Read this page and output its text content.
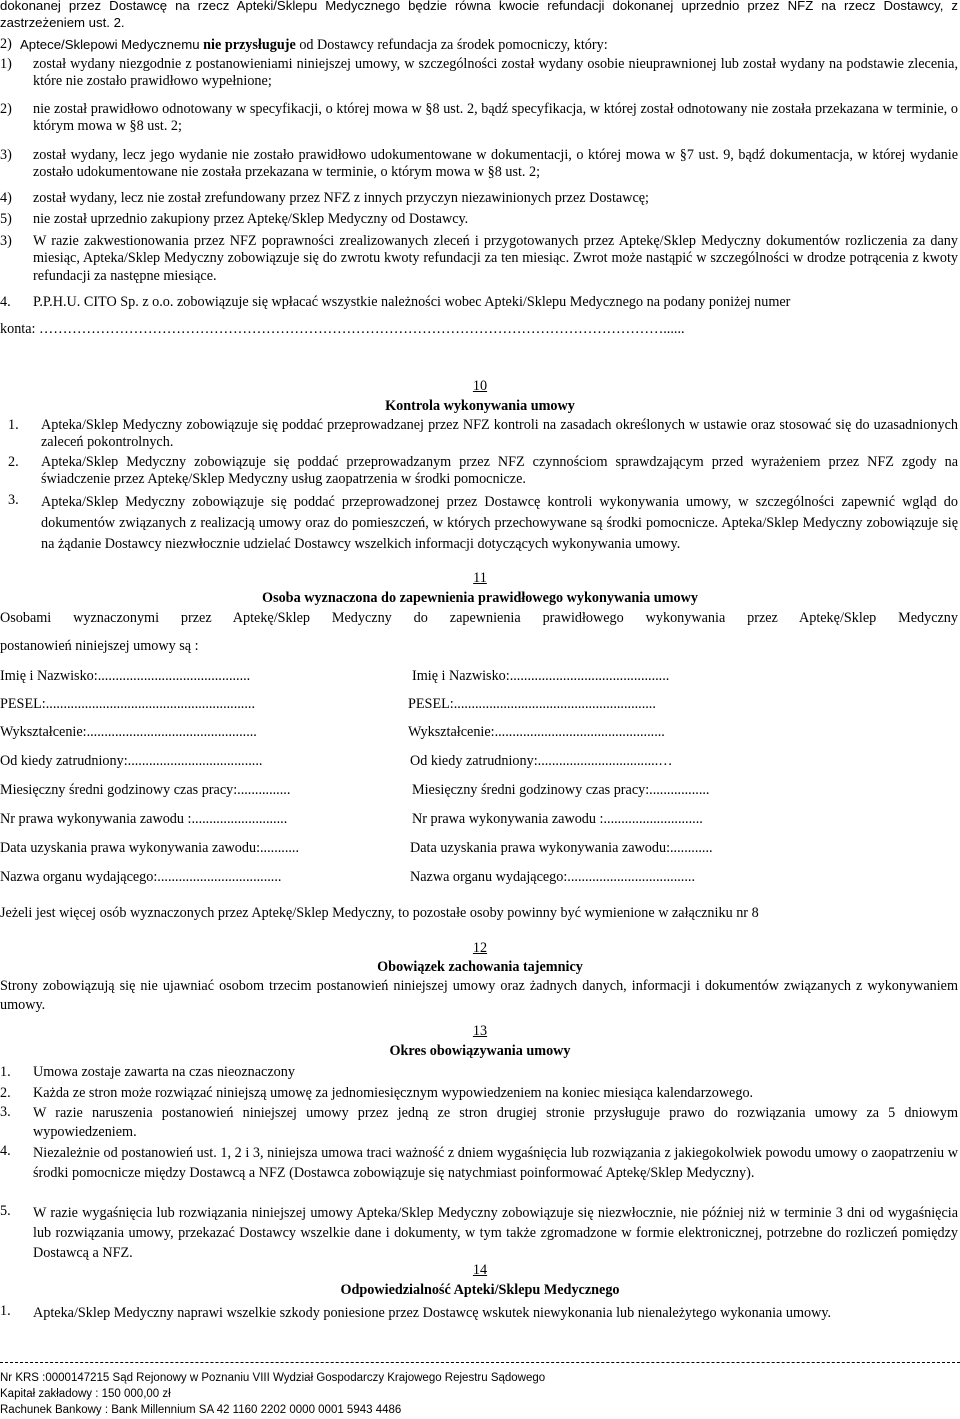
dokonanej przez Dostawcę na rzecz Apteki/Sklepu Medycznego będzie równa kwocie refundacji dokonanej uprzednio przez NFZ na rzecz Dostawcy, z zastrzeżeniem ust. 2.
2) Aptece/Sklepowi Medycznemu nie przysługuje od Dostawcy refundacja za środek pomocniczy, który:
1) został wydany niezgodnie z postanowieniami niniejszej umowy, w szczególności został wydany osobie nieuprawnionej lub został wydany na podstawie zlecenia, które nie zostało prawidłowo wypełnione;
2) nie został prawidłowo odnotowany w specyfikacji, o której mowa w §8 ust. 2, bądź specyfikacja, w której został odnotowany nie została przekazana w terminie, o którym mowa w §8 ust. 2;
3) został wydany, lecz jego wydanie nie zostało prawidłowo udokumentowane w dokumentacji, o której mowa w §7 ust. 9, bądź dokumentacja, w której wydanie zostało udokumentowane nie została przekazana w terminie, o którym mowa w §8 ust. 2;
4) został wydany, lecz nie został zrefundowany przez NFZ z innych przyczyn niezawinionych przez Dostawcę;
5) nie został uprzednio zakupiony przez Aptekę/Sklep Medyczny od Dostawcy.
3) W razie zakwestionowania przez NFZ poprawności zrealizowanych zleceń i przygotowanych przez Aptekę/Sklep Medyczny dokumentów rozliczenia za dany miesiąc, Apteka/Sklep Medyczny zobowiązuje się do zwrotu kwoty refundacji za ten miesiąc. Zwrot może nastąpić w szczególności w drodze potrącenia z kwoty refundacji za następne miesiące.
4. P.P.H.U. CITO Sp. z o.o. zobowiązuje się wpłacać wszystkie należności wobec Apteki/Sklepu Medycznego na podany poniżej numer
konta: ……………………………………………………………………………………………………………………......
10
Kontrola wykonywania umowy
1. Apteka/Sklep Medyczny zobowiązuje się poddać przeprowadzanej przez NFZ kontroli na zasadach określonych w ustawie oraz stosować się do uzasadnionych zaleceń pokontrolnych.
2. Apteka/Sklep Medyczny zobowiązuje się poddać przeprowadzanym przez NFZ czynnościom sprawdzającym przed wyrażeniem przez NFZ zgody na świadczenie przez Aptekę/Sklep Medyczny usług zaopatrzenia w środki pomocnicze.
3. Apteka/Sklep Medyczny zobowiązuje się poddać przeprowadzonej przez Dostawcę kontroli wykonywania umowy, w szczególności zapewnić wgląd do dokumentów związanych z realizacją umowy oraz do pomieszczeń, w których przechowywane są środki pomocnicze. Apteka/Sklep Medyczny zobowiązuje się na żądanie Dostawcy niezwłocznie udzielać Dostawcy wszelkich informacji dotyczących wykonywania umowy.
11
Osoba wyznaczona do zapewnienia prawidłowego wykonywania umowy
Osobami wyznaczonymi przez Aptekę/Sklep Medyczny do zapewnienia prawidłowego wykonywania przez Aptekę/Sklep Medyczny
postanowień niniejszej umowy są :
Imię i Nazwisko:...........................................
PESEL:...........................................................
Wykształcenie:................................................
Od kiedy zatrudniony:......................................
Miesięczny średni godzinowy czas pracy:...............
Nr prawa wykonywania zawodu :...........................
Data uzyskania prawa wykonywania zawodu:...........
Nazwa organu wydającego:...................................
Imię i Nazwisko:.............................................
PESEL:.........................................................
Wykształcenie:................................................
Od kiedy zatrudniony:..................................…
Miesięczny średni godzinowy czas pracy:.................
Nr prawa wykonywania zawodu :............................
Data uzyskania prawa wykonywania zawodu:............
Nazwa organu wydającego:....................................
Jeżeli jest więcej osób wyznaczonych przez Aptekę/Sklep Medyczny, to pozostałe osoby powinny być wymienione w załączniku nr 8
12
Obowiązek zachowania tajemnicy
Strony zobowiązują się nie ujawniać osobom trzecim postanowień niniejszej umowy oraz żadnych danych, informacji i dokumentów związanych z wykonywaniem umowy.
13
Okres obowiązywania umowy
1. Umowa zostaje zawarta na czas nieoznaczony
2. Każda ze stron może rozwiązać niniejszą umowę za jednomiesięcznym wypowiedzeniem na koniec miesiąca kalendarzowego.
3. W razie naruszenia postanowień niniejszej umowy przez jedną ze stron drugiej stronie przysługuje prawo do rozwiązania umowy za 5 dniowym wypowiedzeniem.
4. Niezależnie od postanowień ust. 1, 2 i 3, niniejsza umowa traci ważność z dniem wygaśnięcia lub rozwiązania z jakiegokolwiek powodu umowy o zaopatrzeniu w środki pomocnicze między Dostawcą a NFZ (Dostawca zobowiązuje się natychmiast poinformować Aptekę/Sklep Medyczny).
5. W razie wygaśnięcia lub rozwiązania niniejszej umowy Apteka/Sklep Medyczny zobowiązuje się niezwłocznie, nie później niż w terminie 3 dni od wygaśnięcia lub rozwiązania umowy, przekazać Dostawcy wszelkie dane i dokumenty, w tym także zgromadzone w formie elektronicznej, potrzebne do rozliczeń pomiędzy Dostawcą a NFZ.
14
Odpowiedzialność Apteki/Sklepu Medycznego
1. Apteka/Sklep Medyczny naprawi wszelkie szkody poniesione przez Dostawcę wskutek niewykonania lub nienależytego wykonania umowy.
Nr KRS :0000147215 Sąd Rejonowy w Poznaniu VIII Wydział Gospodarczy Krajowego Rejestru Sądowego
Kapitał zakładowy : 150 000,00 zł
Rachunek Bankowy : Bank Millennium SA 42 1160 2202 0000 0001 5943 4486
